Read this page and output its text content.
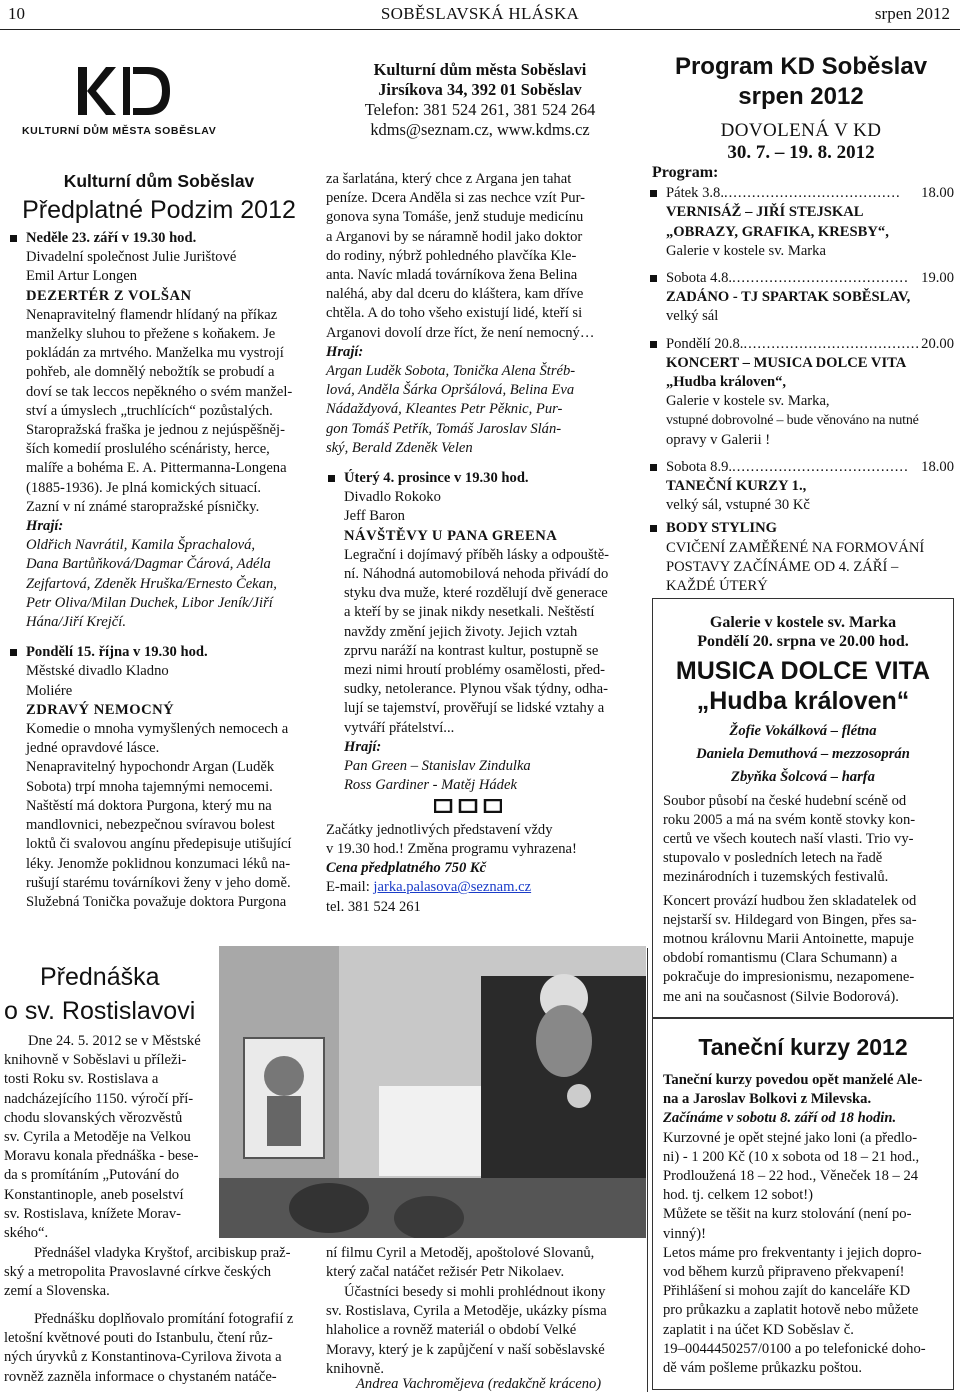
10	SOBĚSLAVSKÁ HLÁSKA	srpen 2012
KULTURNÍ DŮM MĚSTA SOBĚSLAV
Kulturní dům města Soběslavi
Jirsíkova 34, 392 01 Soběslav
Telefon: 381 524 261, 381 524 264
kdms@seznam.cz, www.kdms.cz
Kulturní dům Soběslav
Předplatné Podzim 2012
Neděle 23. září v 19.30 hod.
Divadelní společnost Julie Jurištové
Emil Artur Longen
DEZERTÉR Z VOLŠAN
Nenapravitelný flamendr hlídaný na příkaz
manželky sluhou to přežene s koňakem. Je
pokládán za mrtvého. Manželka mu vystrojí
pohřeb, ale domnělý nebožtík se probudí a
doví se tak leccos nepěkného o svém manžel-
ství a úmyslech „truchlících“ pozůstalých.
Staropražská fraška je jednou z nejúspěšněj-
ších komedií proslulého scénáristy, herce,
malíře a bohéma E. A. Pittermanna-Longena
(1885-1936). Je plná komických situací.
Zazní v ní známé staropražské písničky.
Hrají:
Oldřich Navrátil, Kamila Šprachalová,
Dana Bartůňková/Dagmar Čárová, Adéla
Zejfartová, Zdeněk Hruška/Ernesto Čekan,
Petr Oliva/Milan Duchek, Libor Jeník/Jiří
Hána/Jiří Krejčí.
Pondělí 15. října v 19.30 hod.
Městské divadlo Kladno
Moliére
ZDRAVÝ NEMOCNÝ
Komedie o mnoha vymyšlených nemocech a
jedné opravdové lásce.
Nenapravitelný hypochondr Argan (Luděk
Sobota) trpí mnoha tajemnými nemocemi.
Naštěstí má doktora Purgona, který mu na
mandlovnici, nebezpečnou svíravou bolest
loktů či svalovou angínu předepisuje utišující
léky. Jenomže poklidnou konzumaci léků na-
rušují starému továrníkovi ženy v jeho domě.
Služebná Tonička považuje doktora Purgona
za šarlatána, který chce z Argana jen tahat
peníze. Dcera Anděla si zas nechce vzít Pur-
gonova syna Tomáše, jenž studuje medicínu
a Arganovi by se náramně hodil jako doktor
do rodiny, nýbrž pohledného plavčíka Kle-
anta. Navíc mladá továrníkova žena Belina
naléhá, aby dal dceru do kláštera, kam dříve
chtěla. A do toho všeho existují lidé, kteří si
Arganovi dovolí drze říct, že není nemocný…
Hrají:
Argan Luděk Sobota, Tonička Alena Štréb-
lová, Anděla Šárka Opršálová, Belina Eva
Nádaždyová, Kleantes Petr Pěknic, Pur-
gon Tomáš Petřík, Tomáš Jaroslav Slán-
ský, Berald Zdeněk Velen
Úterý 4. prosince v 19.30 hod.
Divadlo Rokoko
Jeff Baron
NÁVŠTĚVY U PANA GREENA
Legrační i dojímavý příběh lásky a odpouště-
ní. Náhodná automobilová nehoda přivádí do
styku dva muže, které rozdělují dvě generace
a kteří by se jinak nikdy nesetkali. Neštěstí
navždy změní jejich životy. Jejich vztah
zprvu naráží na kontrast kultur, postupně se
mezi nimi hroutí problémy osamělosti, před-
sudky, netolerance. Plynou však týdny, odha-
lují se tajemství, prověřují se lidské vztahy a
vytváří přátelství...
Hrají:
Pan Green – Stanislav Zindulka
Ross Gardiner - Matěj Hádek
Začátky jednotlivých představení vždy
v 19.30 hod.! Změna programu vyhrazena!
Cena předplatného 750 Kč
E-mail: jarka.palasova@seznam.cz
tel. 381 524 261
Program KD Soběslav
srpen 2012
DOVOLENÁ V KD
30. 7. – 19. 8. 2012
Program:
Pátek 3.8. ......................................	18.00
VERNISÁŽ – JIŘÍ STEJSKAL
„OBRAZY, GRAFIKA, KRESBY“,
Galerie v kostele sv. Marka
Sobota 4.8. ...................................... 19.00
ZADÁNO - TJ SPARTAK SOBĚSLAV,
velký sál
Pondělí 20.8. ...................................... 20.00
KONCERT – MUSICA DOLCE VITA
„Hudba královen“,
Galerie v kostele sv. Marka,
vstupné dobrovolné – bude věnováno na nutné
opravy v Galerii !
Sobota 8.9. ...................................... 18.00
TANEČNÍ KURZY 1.,
velký sál, vstupné 30 Kč
BODY STYLING
CVIČENÍ ZAMĚŘENÉ NA FORMOVÁNÍ
POSTAVY ZAČÍNÁME OD 4. ZÁŘÍ –
KAŽDÉ ÚTERÝ
Galerie v kostele sv. Marka
Pondělí 20. srpna ve 20.00 hod.
MUSICA DOLCE VITA
„Hudba královen“
Žofie Vokálková – flétna
Daniela Demuthová – mezzosoprán
Zbyňka Šolcová – harfa
Soubor působí na české hudební scéně od
roku 2005 a má na svém kontě stovky kon-
certů ve všech koutech naší vlasti. Trio vy-
stupovalo v posledních letech na řadě
mezinárodních i tuzemských festivalů.
Koncert provází hudbou žen skladatelek od
nejstarší sv. Hildegard von Bingen, přes sa-
motnou královnu Marii Antoinette, mapuje
období romantismu (Clara Schumann) a
pokračuje do impresionismu, nezapomene-
me ani na současnost (Silvie Bodorová).
Taneční kurzy 2012
Taneční kurzy povedou opět manželé Ale-
na a Jaroslav Bolkovi z Milevska.
Začínáme v sobotu 8. září od 18 hodin.
Kurzovné je opět stejné jako loni (a předlo-
ni) - 1 200 Kč (10 x sobota od 18 – 21 hod.,
Prodloužená 18 – 22 hod., Věneček 18 – 24
hod. tj. celkem 12 sobot!)
Můžete se těšit na kurz stolování (není po-
vinný)!
Letos máme pro frekventanty i jejich dopro-
vod během kurzů připraveno překvapení!
Přihlášení si mohou zajít do kanceláře KD
pro průkazku a zaplatit hotově nebo můžete
zaplatit i na účet KD Soběslav č.
19–0044450257/0100 a po telefonické doho-
dě vám pošleme průkazku poštou.
Přednáška
o sv. Rostislavovi
Dne 24. 5. 2012 se v Městské
knihovně v Soběslavi u příleži-
tosti Roku sv. Rostislava a
nadcházejícího 1150. výročí pří-
chodu slovanských věrozvěstů
sv. Cyrila a Metoděje na Velkou
Moravu konala přednáška - bese-
da s promítáním „Putování do
Konstantinople, aneb poselství
sv. Rostislava, knížete Morav-
ského“.
Přednášel vladyka Kryštof, arcibiskup praž-
ský a metropolita Pravoslavné církve českých
zemí a Slovenska.
Přednášku doplňovalo promítání fotografií z
letošní květnové pouti do Istanbulu, čtení růz-
ných úryvků z Konstantinova-Cyrilova života a
rovněž zazněla informace o chystaném natáče-
ní filmu Cyril a Metoděj, apoštolové Slovanů,
který začal natáčet režisér Petr Nikolaev.
Účastníci besedy si mohli prohlédnout ikony
sv. Rostislava, Cyrila a Metoděje, ukázky písma
hlaholice a rovněž materiál o období Velké
Moravy, který je k zapůjčení v naší soběslavské
knihovně.
Andrea Vachroměјeva (redakčně kráceno)
